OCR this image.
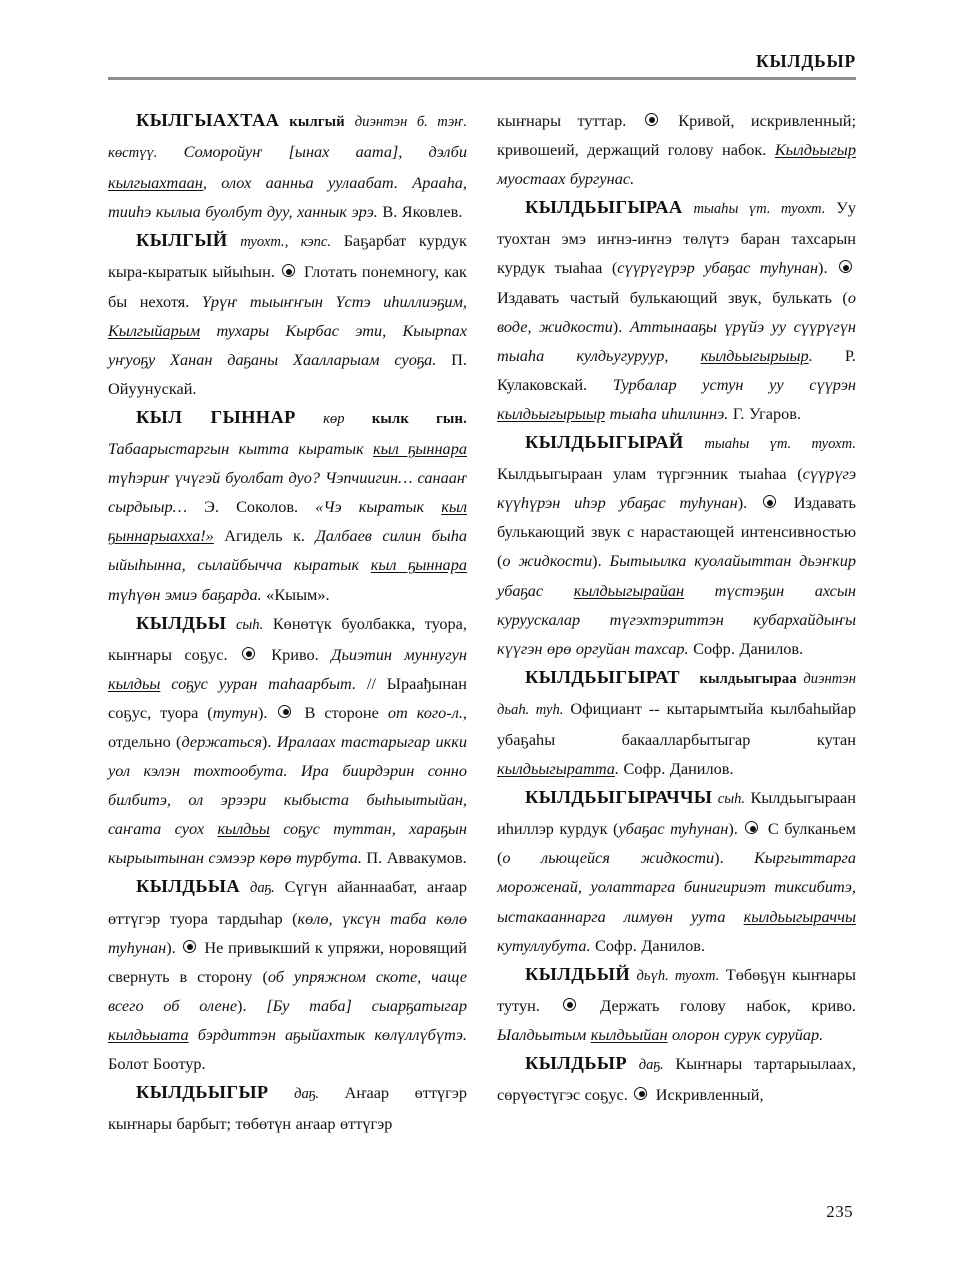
КЫЛДЬЫР

КЫЛГЫАХТАА кылгый диэнтэн б. тэҥ. кɵстүү. Соморойуҥ [ынах аата], дэлби кылгыахтаан, олох аанньа уулаабат. Арааһа, тииһэ кылыа буолбут дуу, ханнык эрэ. В. Яковлев.

КЫЛГЫЙ туохт., кэпс. Баҕарбат курдук кыра-кыратык ыйыһын. Глотать понемногу, как бы нехотя. Үрүҥ тыыҥҥын Үстэ иһиллиэҕим, Кылгыйарым тухары Кырбас эти, Кыырпах уҥуоҕу Ханан даҕаны Хаалларыам суоҕа. П. Ойуунускай.

КЫЛ ГЫННАР кɵр кылк гын. Табаарыстаргын кытта кыратык кыл ҕыннара түһэриҥ үчүгэй буолбат дуо? Чэпчиигин… санааҥ сырдыыр… Э. Соколов. «Чэ кыратык кыл ҕыннарыахха!» Агидель к. Далбаев силин быһа ыйыһынна, сылайбычча кыратык кыл ҕыннара түһүɵн эмиэ баҕарда. «Кыым».

КЫЛДЬЫ сыһ. Кɵнɵтүк буолбакка, туора, кыҥнары соҕус.	Криво. Дьиэтин муннугун кылдьы соҕус ууран таһаарбыт. // Ыраађынан соҕус, туора (тутун). В стороне от кого-л., отдельно (держаться). Иралаах тастарыгар икки уол кэлэн тохтообута. Ира биирдэрин сонно билбитэ, ол эрээри кыбыста быһыытыйан, саҥата суох кылдьы соҕус туттан, хараҕын кырыытынан сэмээр кɵрɵ турбута. П. Аввакумов.

КЫЛДЬЫА даҕ. Сүгүн айаннаабат, аҥаар ɵттүгэр туора тардыһар (кɵлɵ, үксүн таба кɵлɵ туһунан). Не привыкший к упряжи, норовящий свернуть в сторону (об упряжном скоте, чаще всего об олене). [Бу таба] сыарҕатыгар кылдьыата бэрдиттэн аҕыйахтык кɵлүллүбүтэ. Болот Боотур.

КЫЛДЬЫГЫР даҕ. Аҥаар ɵттүгэр кыҥнары барбыт; тɵбɵтүн аҥаар ɵттүгэр

кыҥнары туттар.	Кривой, искривленный; кривошеий, держащий голову набок. Кылдьыгыр муостаах бургунас.

КЫЛДЬЫГЫРАА тыаһы үт. туохт. Уу туохтан эмэ иҥнэ-иҥнэ тɵлүтэ баран тахсарын курдук тыаһаа (сүүрүгүрэр убаҕас туһунан).  Издавать частый булькающий звук, булькать (о воде, жидкости). Аттынааҕы үрүйэ уу сүүрүгүн тыаһа кулдьугуруур, кылдьыгырыыр. Р. Кулаковскай. Турбалар устун уу сүүрэн кылдьыгырыыр тыаһа иһилиннэ. Г. Угаров.

КЫЛДЬЫГЫРАЙ тыаһы үт. туохт. Кылдьыгыраан улам түргэнник тыаһаа (сүүрүгэ күүһүрэн иһэр убаҕас туһунан).	Издавать булькающий звук с нарастающей интенсивностью (о жидкости). Бытыылка куолайыттан дьэҥкир убаҕас кылдьыгырайан түстэҕин ахсын куруускалар түгэхтэриттэн кубархайдыҥы күүгэн ɵрɵ оргуйан тахсар. Софр. Данилов.

КЫЛДЬЫГЫРАТ кылдьыгыраа диэнтэн дьаһ. туһ. Официант -- кытарымтыйа кылбаһыйар убаҕаһы бакаалларбытыгар кутан кылдьыгыратта. Софр. Данилов.

КЫЛДЬЫГЫРАЧЧЫ сыһ. Кылдьыгыраан иһиллэр курдук (убаҕас туһунан). С булканьем (о льющейся жидкости). Кыргыттарга мороженай, уолаттарга бинигириэт тиксибитэ, ыстакааннарга лимуɵн уута кылдьыгыраччы кутуллубута. Софр. Данилов.

КЫЛДЬЫЙ дьүһ. туохт. Тɵбɵҕүн кыҥнары тутун.	Держать голову набок, криво. Ыалдьытым кылдьыйан олорон сурук суруйар.

КЫЛДЬЫР даҕ. Кыҥнары тартарыылаах, сɵрүɵстүгэс соҕус. Искривленный,

235
